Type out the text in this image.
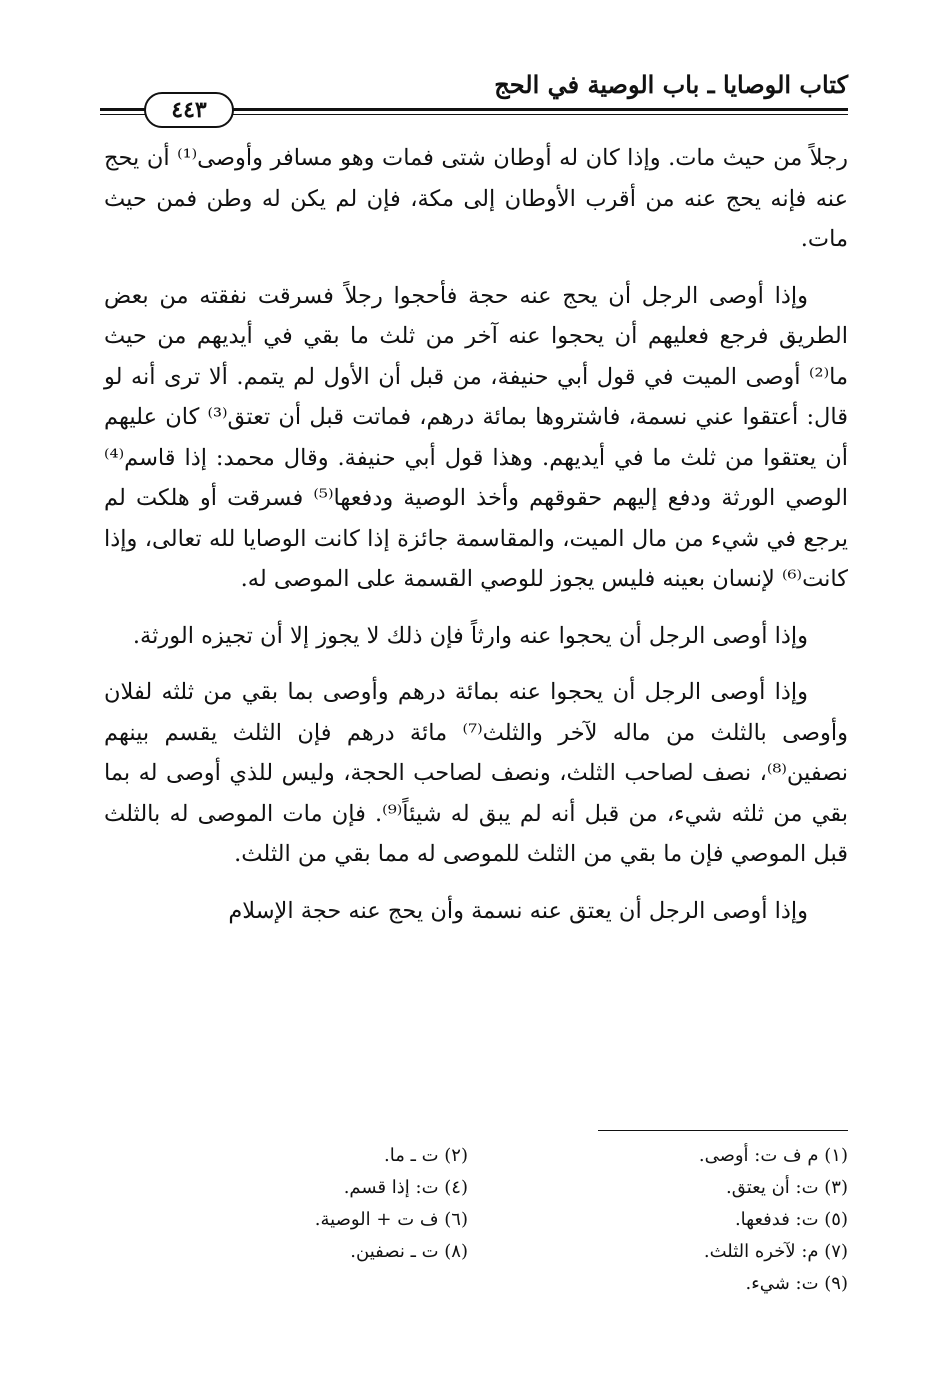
كتاب الوصايا ـ باب الوصية في الحج
٤٤٣

رجلاً من حيث مات. وإذا كان له أوطان شتى فمات وهو مسافر وأوصى⁽¹⁾ أن يحج عنه فإنه يحج عنه من أقرب الأوطان إلى مكة، فإن لم يكن له وطن فمن حيث مات.

وإذا أوصى الرجل أن يحج عنه حجة فأحجوا رجلاً فسرقت نفقته من بعض الطريق فرجع فعليهم أن يحجوا عنه آخر من ثلث ما بقي في أيديهم من حيث ما⁽²⁾ أوصى الميت في قول أبي حنيفة، من قبل أن الأول لم يتمم. ألا ترى أنه لو قال: أعتقوا عني نسمة، فاشتروها بمائة درهم، فماتت قبل أن تعتق⁽³⁾ كان عليهم أن يعتقوا من ثلث ما في أيديهم. وهذا قول أبي حنيفة. وقال محمد: إذا قاسم⁽⁴⁾ الوصي الورثة ودفع إليهم حقوقهم وأخذ الوصية ودفعها⁽⁵⁾ فسرقت أو هلكت لم يرجع في شيء من مال الميت، والمقاسمة جائزة إذا كانت الوصايا لله تعالى، وإذا كانت⁽⁶⁾ لإنسان بعينه فليس يجوز للوصي القسمة على الموصى له.

وإذا أوصى الرجل أن يحجوا عنه وارثاً فإن ذلك لا يجوز إلا أن تجيزه الورثة.

وإذا أوصى الرجل أن يحجوا عنه بمائة درهم وأوصى بما بقي من ثلثه لفلان وأوصى بالثلث من ماله لآخر والثلث⁽⁷⁾ مائة درهم فإن الثلث يقسم بينهم نصفين⁽⁸⁾، نصف لصاحب الثلث، ونصف لصاحب الحجة، وليس للذي أوصى له بما بقي من ثلثه شيء، من قبل أنه لم يبق له شيئاً⁽⁹⁾. فإن مات الموصى له بالثلث قبل الموصي فإن ما بقي من الثلث للموصى له مما بقي من الثلث.

وإذا أوصى الرجل أن يعتق عنه نسمة وأن يحج عنه حجة الإسلام

(١) م ف ت: أوصى.
(٣) ت: أن يعتق.
(٥) ت: فدفعها.
(٧) م: لآخره الثلث.
(٩) ت: شيء.
(٢) ت ـ ما.
(٤) ت: إذا قسم.
(٦) ف ت + الوصية.
(٨) ت ـ نصفين.
